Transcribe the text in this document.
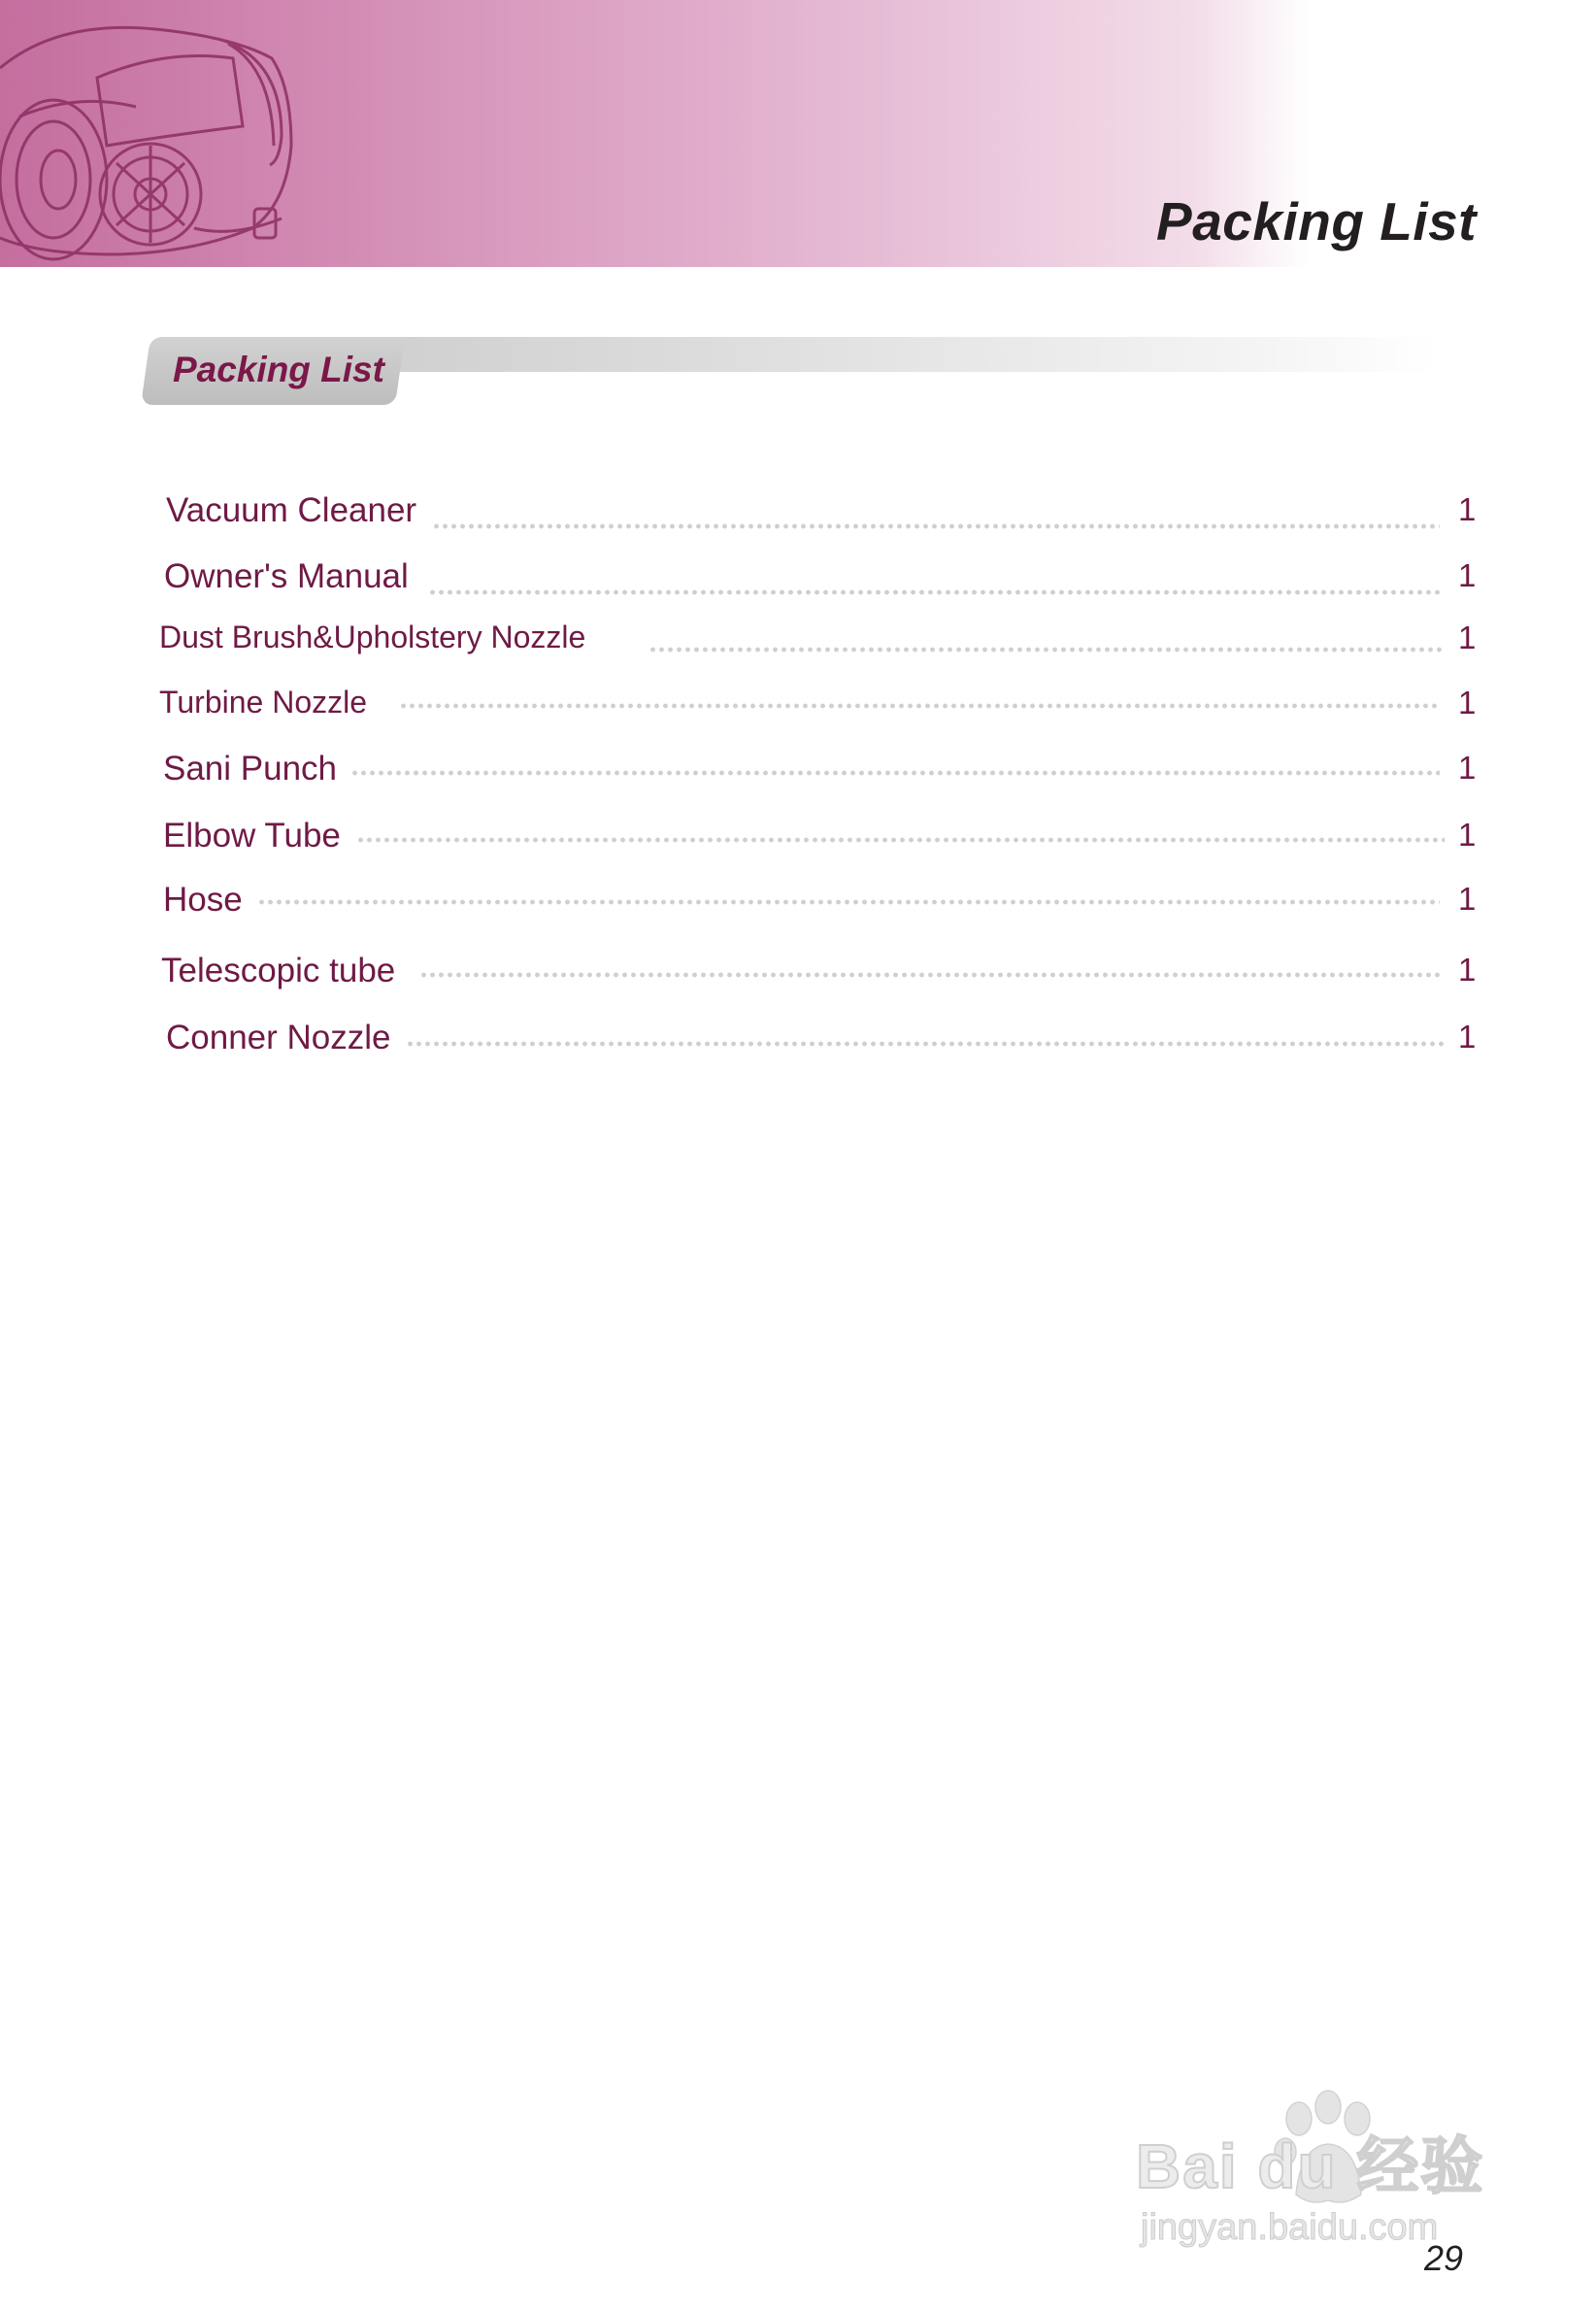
Packing List
Packing List
Vacuum Cleaner	1
Owner's Manual	1
Dust Brush&Upholstery Nozzle	1
Turbine Nozzle	1
Sani Punch	1
Elbow Tube	1
Hose	1
Telescopic tube	1
Conner Nozzle	1
Bai du 经验
jingyan.baidu.com
29
